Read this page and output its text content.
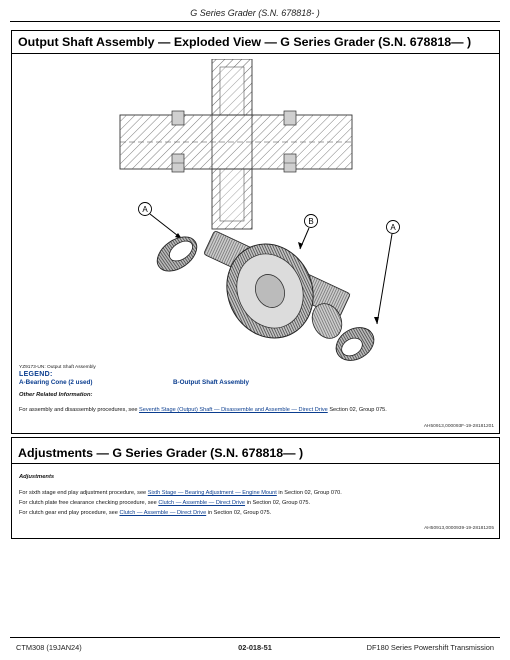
G Series Grader (S.N. 678818- )
Output Shaft Assembly — Exploded View — G Series Grader (S.N. 678818— )
A
B
A
YZ9173-UN: Output Shaft Assembly
LEGEND:
A-Bearing Cone (2 used)	B-Output Shaft Assembly
Other Related Information:
For assembly and disassembly procedures, see Seventh Stage (Output) Shaft — Disassemble and Assemble — Direct Drive Section 02, Group 075.
AH50913,000093F-19-28181201
Adjustments — G Series Grader (S.N. 678818— )
Adjustments
For sixth stage end play adjustment procedure, see Sixth Stage — Bearing Adjustment — Engine Mount in Section 02, Group 070.
For clutch plate free clearance checking procedure, see Clutch — Assemble — Direct Drive in Section 02, Group 075.
For clutch gear end play procedure, see Clutch — Assemble — Direct Drive in Section 02, Group 075.
AH50913,0000939-19-28181205
CTM308 (19JAN24)	02-018-51	DF180 Series Powershift Transmission
